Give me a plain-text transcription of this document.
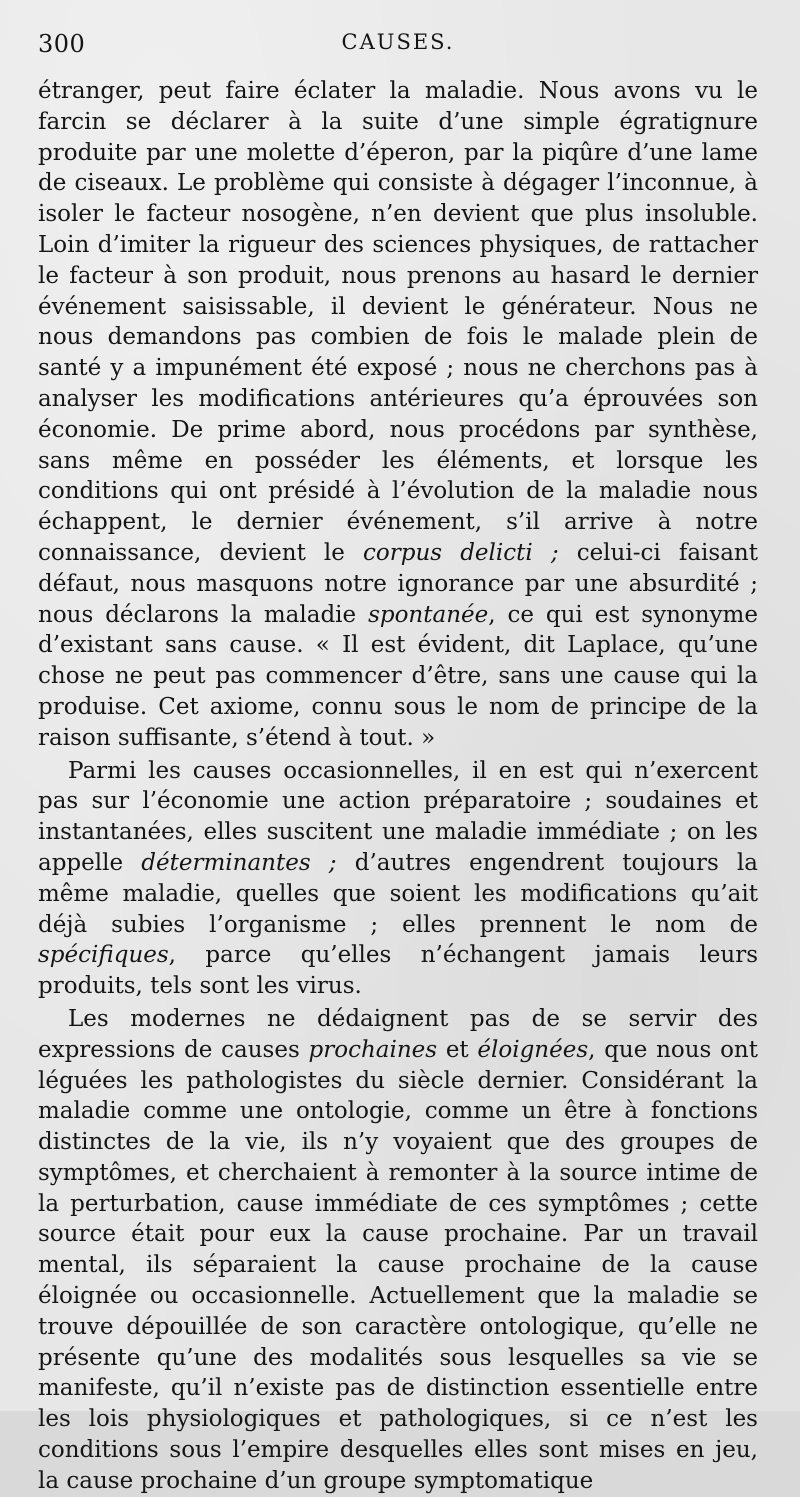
300	CAUSES.

étranger, peut faire éclater la maladie. Nous avons vu le farcin se déclarer à la suite d’une simple égratignure produite par une molette d’éperon, par la piqûre d’une lame de ciseaux. Le problème qui consiste à dégager l’inconnue, à isoler le facteur nosogène, n’en devient que plus insoluble. Loin d’imiter la rigueur des sciences physiques, de rattacher le facteur à son produit, nous prenons au hasard le dernier événement saisissable, il devient le générateur. Nous ne nous demandons pas combien de fois le malade plein de santé y a impunément été exposé ; nous ne cherchons pas à analyser les modifications antérieures qu’a éprouvées son économie. De prime abord, nous procédons par synthèse, sans même en posséder les éléments, et lorsque les conditions qui ont présidé à l’évolution de la maladie nous échappent, le dernier événement, s’il arrive à notre connaissance, devient le corpus delicti ; celui-ci faisant défaut, nous masquons notre ignorance par une absurdité ; nous déclarons la maladie spontanée, ce qui est synonyme d’existant sans cause. « Il est évident, dit Laplace, qu’une chose ne peut pas commencer d’être, sans une cause qui la produise. Cet axiome, connu sous le nom de principe de la raison suffisante, s’étend à tout. »

Parmi les causes occasionnelles, il en est qui n’exercent pas sur l’économie une action préparatoire ; soudaines et instantanées, elles suscitent une maladie immédiate ; on les appelle déterminantes ; d’autres engendrent toujours la même maladie, quelles que soient les modifications qu’ait déjà subies l’organisme ; elles prennent le nom de spécifiques, parce qu’elles n’échangent jamais leurs produits, tels sont les virus.

Les modernes ne dédaignent pas de se servir des expressions de causes prochaines et éloignées, que nous ont léguées les pathologistes du siècle dernier. Considérant la maladie comme une ontologie, comme un être à fonctions distinctes de la vie, ils n’y voyaient que des groupes de symptômes, et cherchaient à remonter à la source intime de la perturbation, cause immédiate de ces symptômes ; cette source était pour eux la cause prochaine. Par un travail mental, ils séparaient la cause prochaine de la cause éloignée ou occasionnelle. Actuellement que la maladie se trouve dépouillée de son caractère ontologique, qu’elle ne présente qu’une des modalités sous lesquelles sa vie se manifeste, qu’il n’existe pas de distinction essentielle entre les lois physiologiques et pathologiques, si ce n’est les conditions sous l’empire desquelles elles sont mises en jeu, la cause prochaine d’un groupe symptomatique
